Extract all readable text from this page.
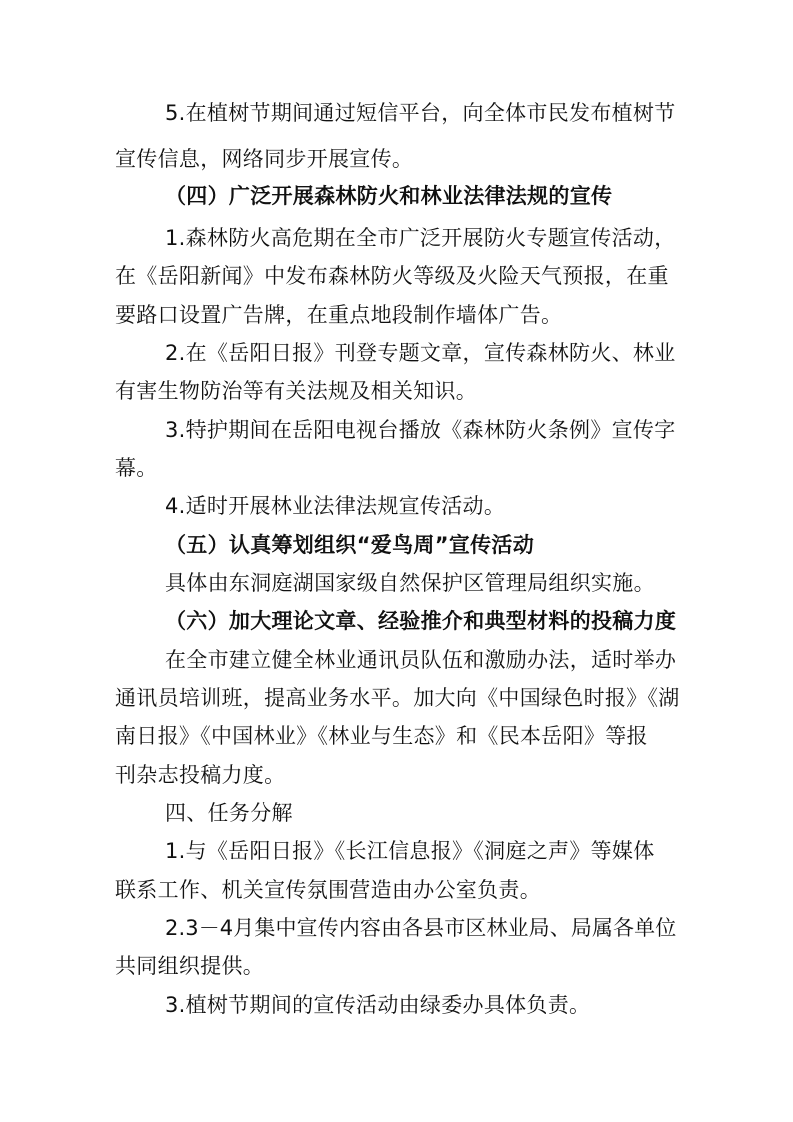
5.在植树节期间通过短信平台，向全体市民发布植树节
宣传信息，网络同步开展宣传。
（四）广泛开展森林防火和林业法律法规的宣传
1.森林防火高危期在全市广泛开展防火专题宣传活动，
在《岳阳新闻》中发布森林防火等级及火险天气预报，在重
要路口设置广告牌，在重点地段制作墙体广告。
2.在《岳阳日报》刊登专题文章，宣传森林防火、林业
有害生物防治等有关法规及相关知识。
3.特护期间在岳阳电视台播放《森林防火条例》宣传字
幕。
4.适时开展林业法律法规宣传活动。
（五）认真筹划组织“爱鸟周”宣传活动
具体由东洞庭湖国家级自然保护区管理局组织实施。
（六）加大理论文章、经验推介和典型材料的投稿力度
在全市建立健全林业通讯员队伍和激励办法，适时举办
通讯员培训班，提高业务水平。加大向《中国绿色时报》《湖
南日报》《中国林业》《林业与生态》和《民本岳阳》等报
刊杂志投稿力度。
四、任务分解
1.与《岳阳日报》《长江信息报》《洞庭之声》等媒体
联系工作、机关宣传氛围营造由办公室负责。
2.3－4月集中宣传内容由各县市区林业局、局属各单位
共同组织提供。
3.植树节期间的宣传活动由绿委办具体负责。
